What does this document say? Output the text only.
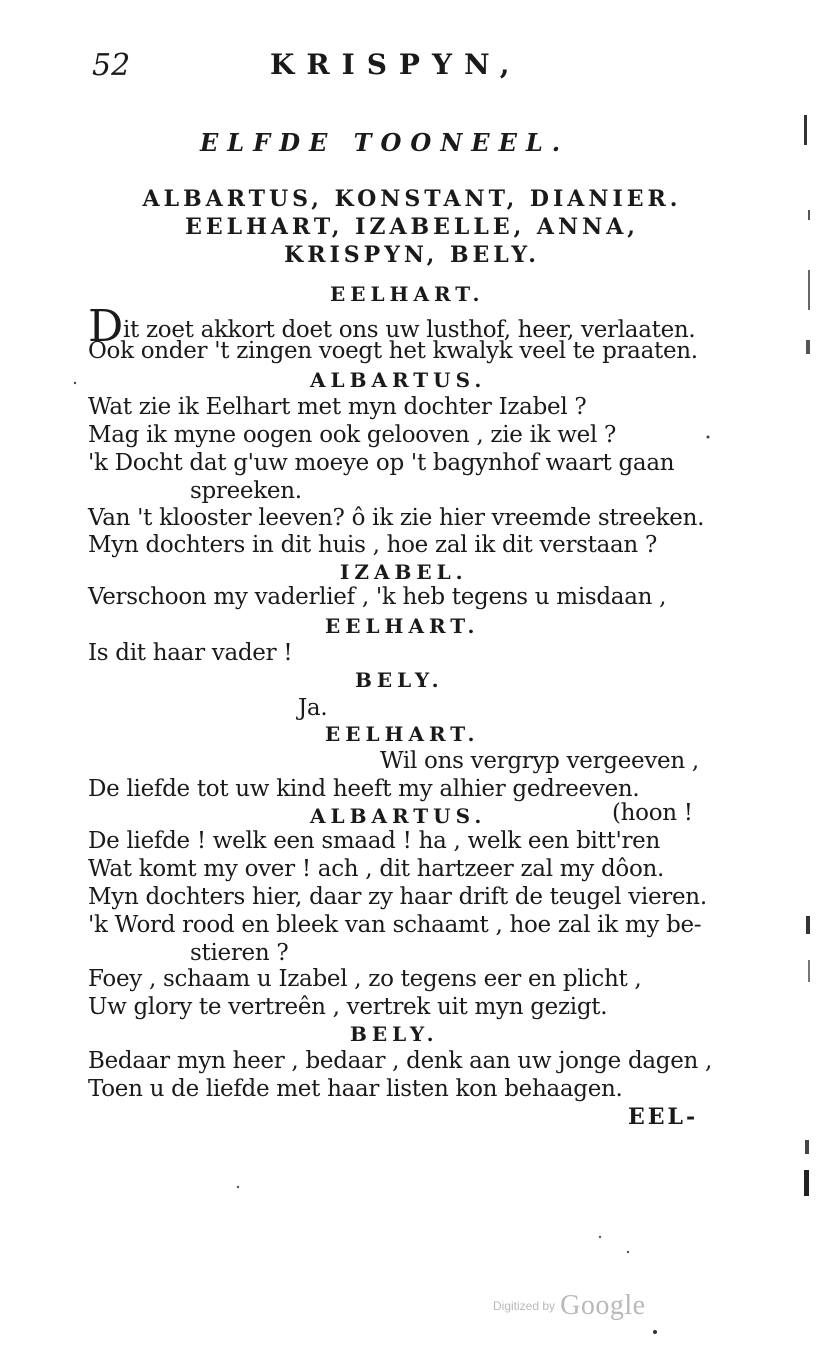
52	KRISPYN,
ELFDE TOONEEL.
ALBARTUS, KONSTANT, DIANIER.
EELHART, IZABELLE, ANNA,
KRISPYN, BELY.
EELHART.
Dit zoet akkort doet ons uw lusthof, heer, verlaaten.
Ook onder 't zingen voegt het kwalyk veel te praaten.
ALBARTUS.
Wat zie ik Eelhart met myn dochter Izabel ?
Mag ik myne oogen ook gelooven , zie ik wel ?
'k Docht dat g'uw moeye op 't bagynhof waart gaan
spreeken.
Van 't klooster leeven? ô ik zie hier vreemde streeken.
Myn dochters in dit huis , hoe zal ik dit verstaan ?
IZABEL.
Verschoon my vaderlief , 'k heb tegens u misdaan ,
EELHART.
Is dit haar vader !
BELY.
Ja.
EELHART.
Wil ons vergryp vergeeven ,
De liefde tot uw kind heeft my alhier gedreeven.
ALBARTUS.	(hoon !
De liefde ! welk een smaad ! ha , welk een bitt'ren
Wat komt my over ! ach , dit hartzeer zal my dôon.
Myn dochters hier, daar zy haar drift de teugel vieren.
'k Word rood en bleek van schaamt , hoe zal ik my be-
stieren ?
Foey , schaam u Izabel , zo tegens eer en plicht ,
Uw glory te vertreên , vertrek uit myn gezigt.
BELY.
Bedaar myn heer , bedaar , denk aan uw jonge dagen ,
Toen u de liefde met haar listen kon behaagen.
EEL-
$^{Digitized by}$ Google
